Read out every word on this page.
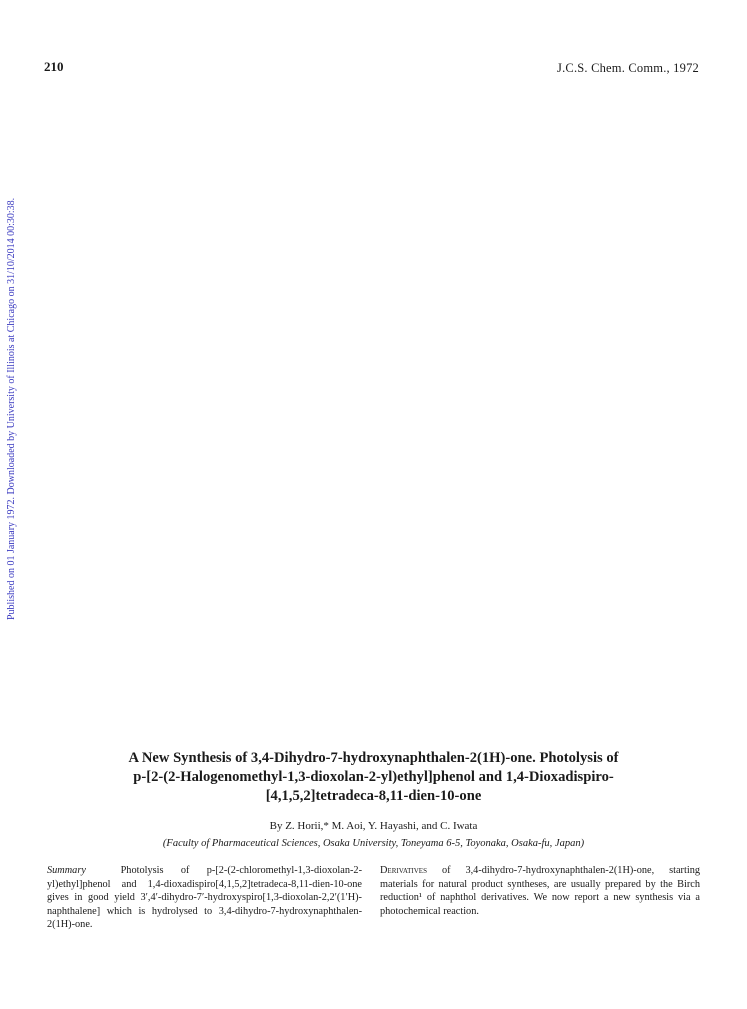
210	J.C.S. Chem. Comm., 1972
Published on 01 January 1972. Downloaded by University of Illinois at Chicago on 31/10/2014 00:30:38.
A New Synthesis of 3,4-Dihydro-7-hydroxynaphthalen-2(1H)-one. Photolysis of
p-[2-(2-Halogenomethyl-1,3-dioxolan-2-yl)ethyl]phenol and 1,4-Dioxadispiro-
[4,1,5,2]tetradeca-8,11-dien-10-one
By Z. Horii,* M. Aoi, Y. Hayashi, and C. Iwata
(Faculty of Pharmaceutical Sciences, Osaka University, Toneyama 6-5, Toyonaka, Osaka-fu, Japan)
Summary	Photolysis of p-[2-(2-chloromethyl-1,3-dioxolan-2-yl)ethyl]phenol and 1,4-dioxadispiro[4,1,5,2]tetradeca-8,11-dien-10-one gives in good yield 3′,4′-dihydro-7′-hydroxyspiro[1,3-dioxolan-2,2′(1′H)-naphthalene] which is hydrolysed to 3,4-dihydro-7-hydroxynaphthalen-2(1H)-one.
Derivatives of 3,4-dihydro-7-hydroxynaphthalen-2(1H)-one, starting materials for natural product syntheses, are usually prepared by the Birch reduction¹ of naphthol derivatives. We now report a new synthesis via a photochemical reaction.
